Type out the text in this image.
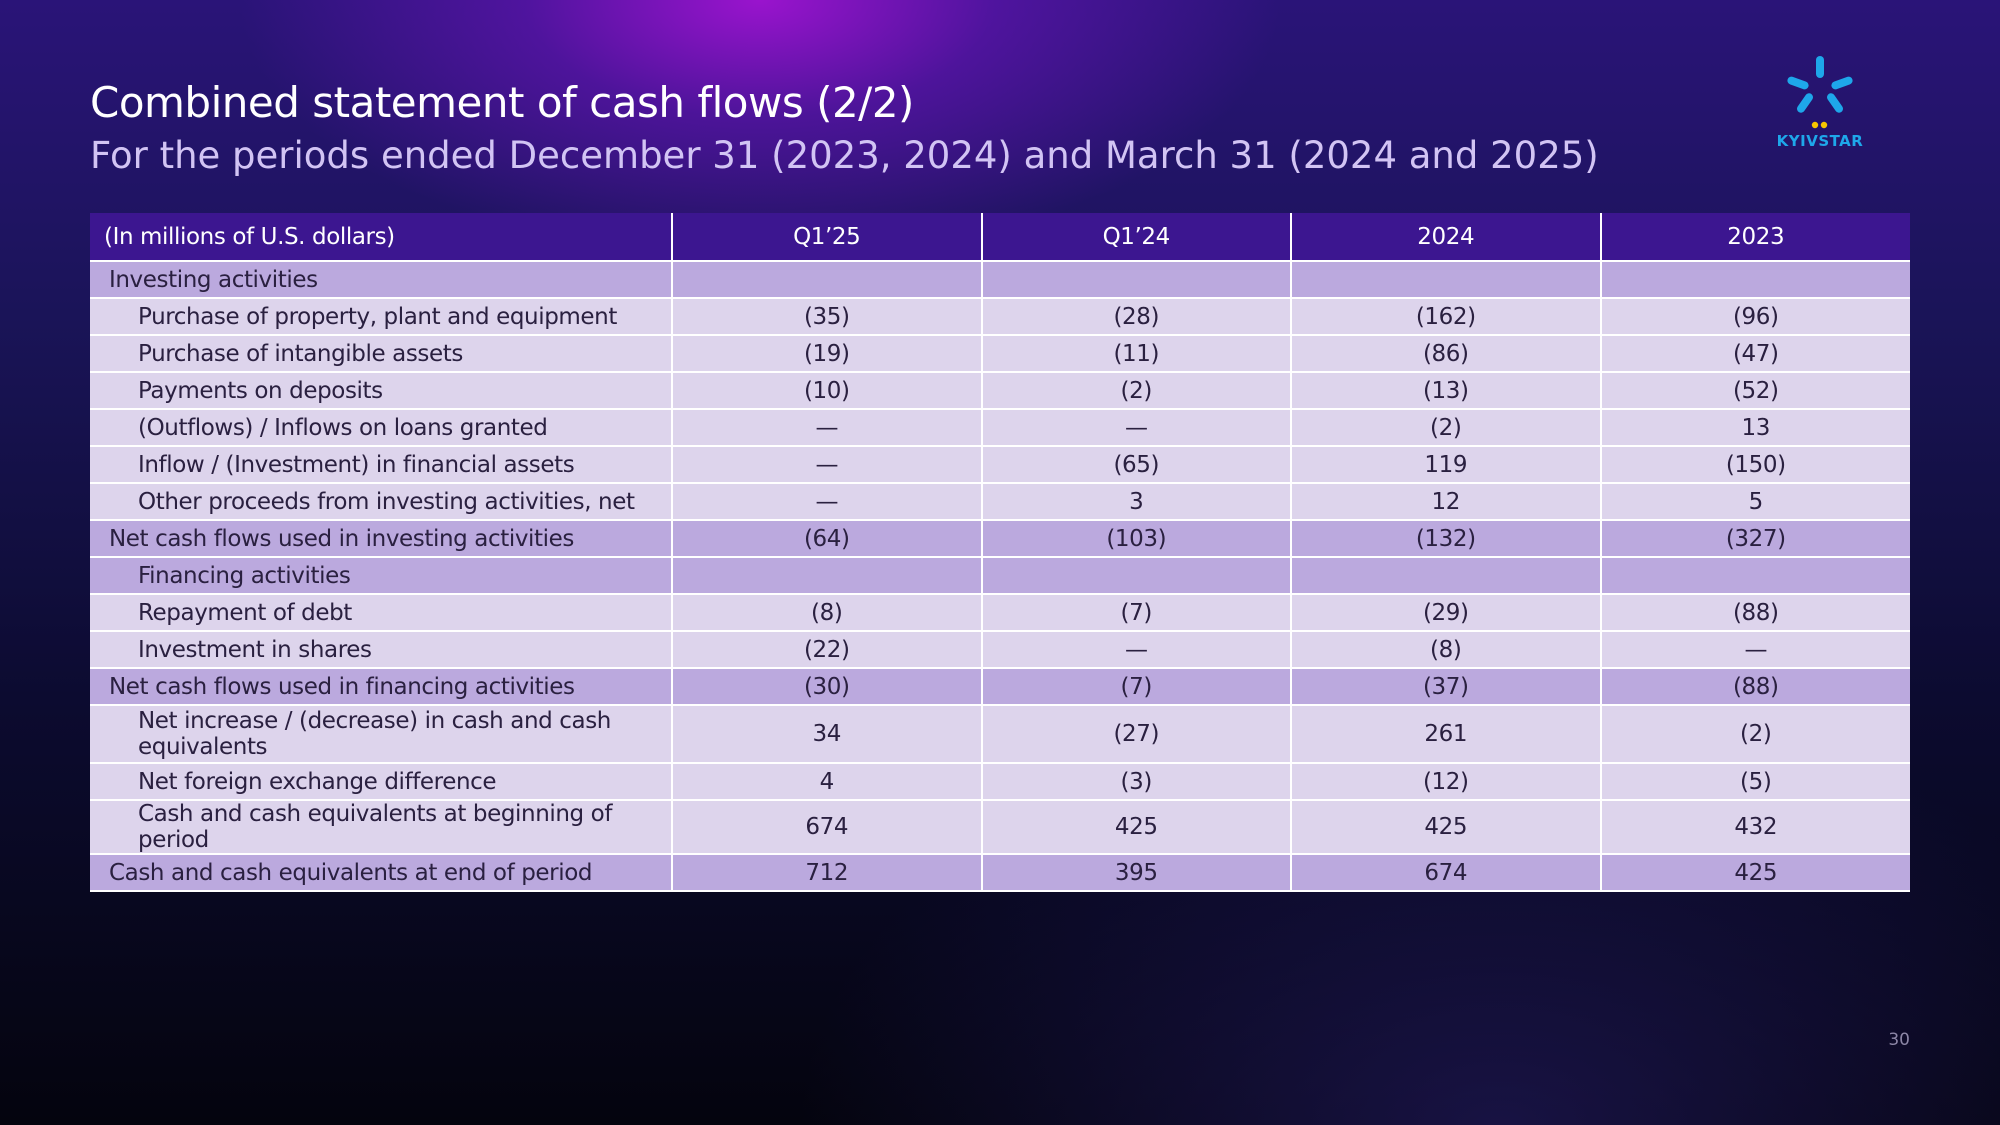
Combined statement of cash flows (2/2)
For the periods ended December 31 (2023, 2024) and March 31 (2024 and 2025)	KYIVSTAR
(In millions of U.S. dollars)	Q1’25	Q1’24	2024	2023
Investing activities				
Purchase of property, plant and equipment	(35)	(28)	(162)	(96)
Purchase of intangible assets	(19)	(11)	(86)	(47)
Payments on deposits	(10)	(2)	(13)	(52)
(Outflows) / Inflows on loans granted	—	—	(2)	13
Inflow / (Investment) in financial assets	—	(65)	119	(150)
Other proceeds from investing activities, net	—	3	12	5
Net cash flows used in investing activities	(64)	(103)	(132)	(327)
Financing activities				
Repayment of debt	(8)	(7)	(29)	(88)
Investment in shares	(22)	—	(8)	—
Net cash flows used in financing activities	(30)	(7)	(37)	(88)
Net increase / (decrease) in cash and cash equivalents	34	(27)	261	(2)
Net foreign exchange difference	4	(3)	(12)	(5)
Cash and cash equivalents at beginning of period	674	425	425	432
Cash and cash equivalents at end of period	712	395	674	425
30
